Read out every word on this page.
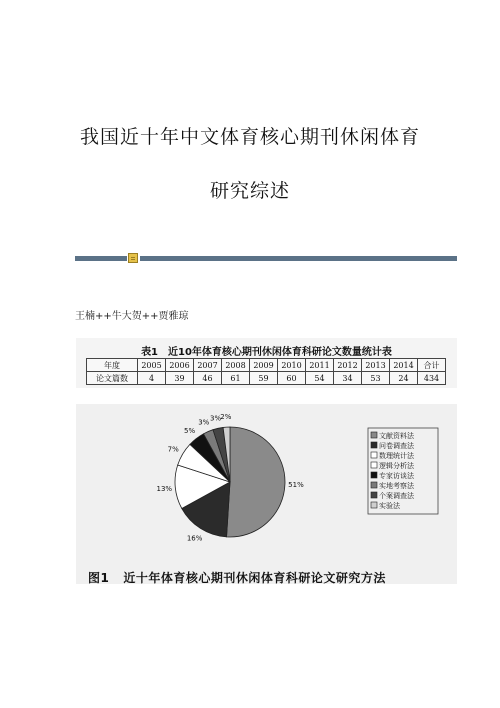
我国近十年中文体育核心期刊休闲体育
研究综述
王楠++牛大贺++贾雅琼
表1　近10年体育核心期刊休闲体育科研论文数量统计表
年度	2005	2006	2007	2008	2009	2010	2011	2012	2013	2014	合计
论文篇数	4	39	46	61	59	60	54	34	53	24	434
51%
16%
13%
7%
5%
3% 3% 2%
文献资料法
问卷调查法
数理统计法
逻辑分析法
专家访谈法
实地考察法
个案调查法
实验法
图1 近十年体育核心期刊休闲体育科研论文研究方法
